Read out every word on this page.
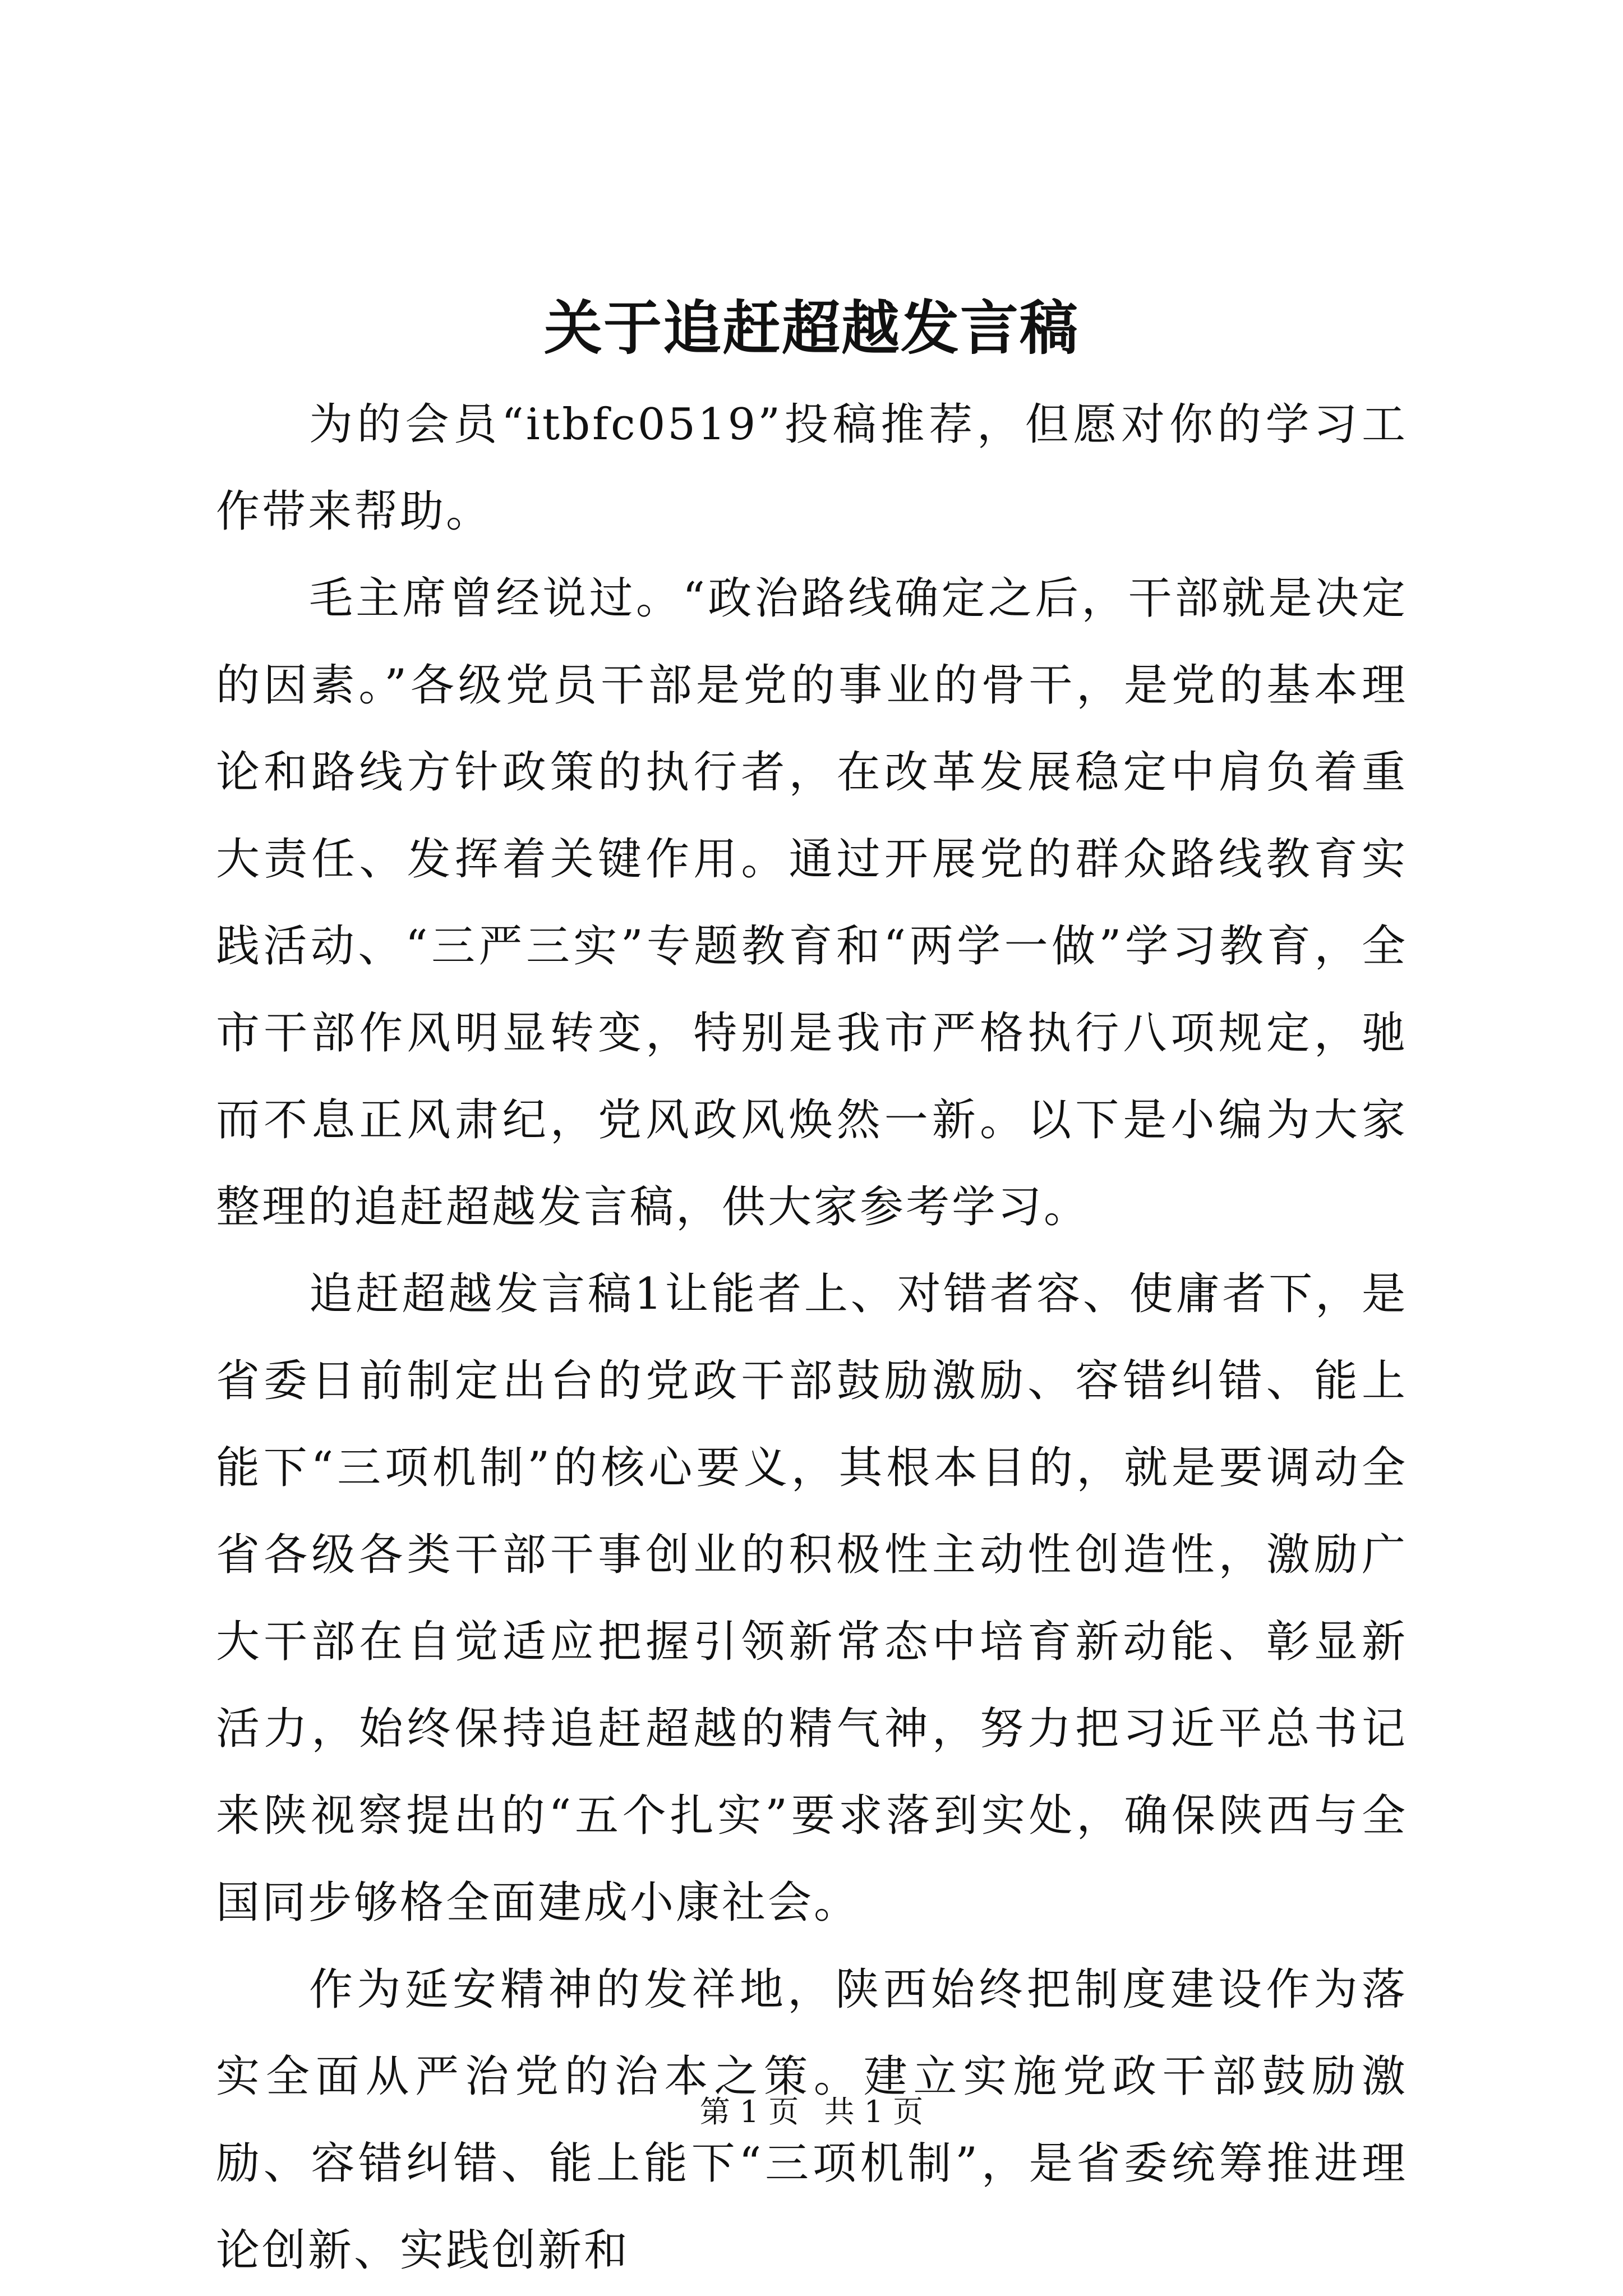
关于追赶超越发言稿

为的会员“itbfc0519”投稿推荐，但愿对你的学习工作带来帮助。

毛主席曾经说过。“政治路线确定之后，干部就是决定的因素。”各级党员干部是党的事业的骨干，是党的基本理论和路线方针政策的执行者，在改革发展稳定中肩负着重大责任、发挥着关键作用。通过开展党的群众路线教育实践活动、“三严三实”专题教育和“两学一做”学习教育，全市干部作风明显转变，特别是我市严格执行八项规定，驰而不息正风肃纪，党风政风焕然一新。以下是小编为大家整理的追赶超越发言稿，供大家参考学习。

追赶超越发言稿1让能者上、对错者容、使庸者下，是省委日前制定出台的党政干部鼓励激励、容错纠错、能上能下“三项机制”的核心要义，其根本目的，就是要调动全省各级各类干部干事创业的积极性主动性创造性，激励广大干部在自觉适应把握引领新常态中培育新动能、彰显新活力，始终保持追赶超越的精气神，努力把习近平总书记来陕视察提出的“五个扎实”要求落到实处，确保陕西与全国同步够格全面建成小康社会。

作为延安精神的发祥地，陕西始终把制度建设作为落实全面从严治党的治本之策。建立实施党政干部鼓励激励、容错纠错、能上能下“三项机制”，是省委统筹推进理论创新、实践创新和

第 1 页 共 1 页
